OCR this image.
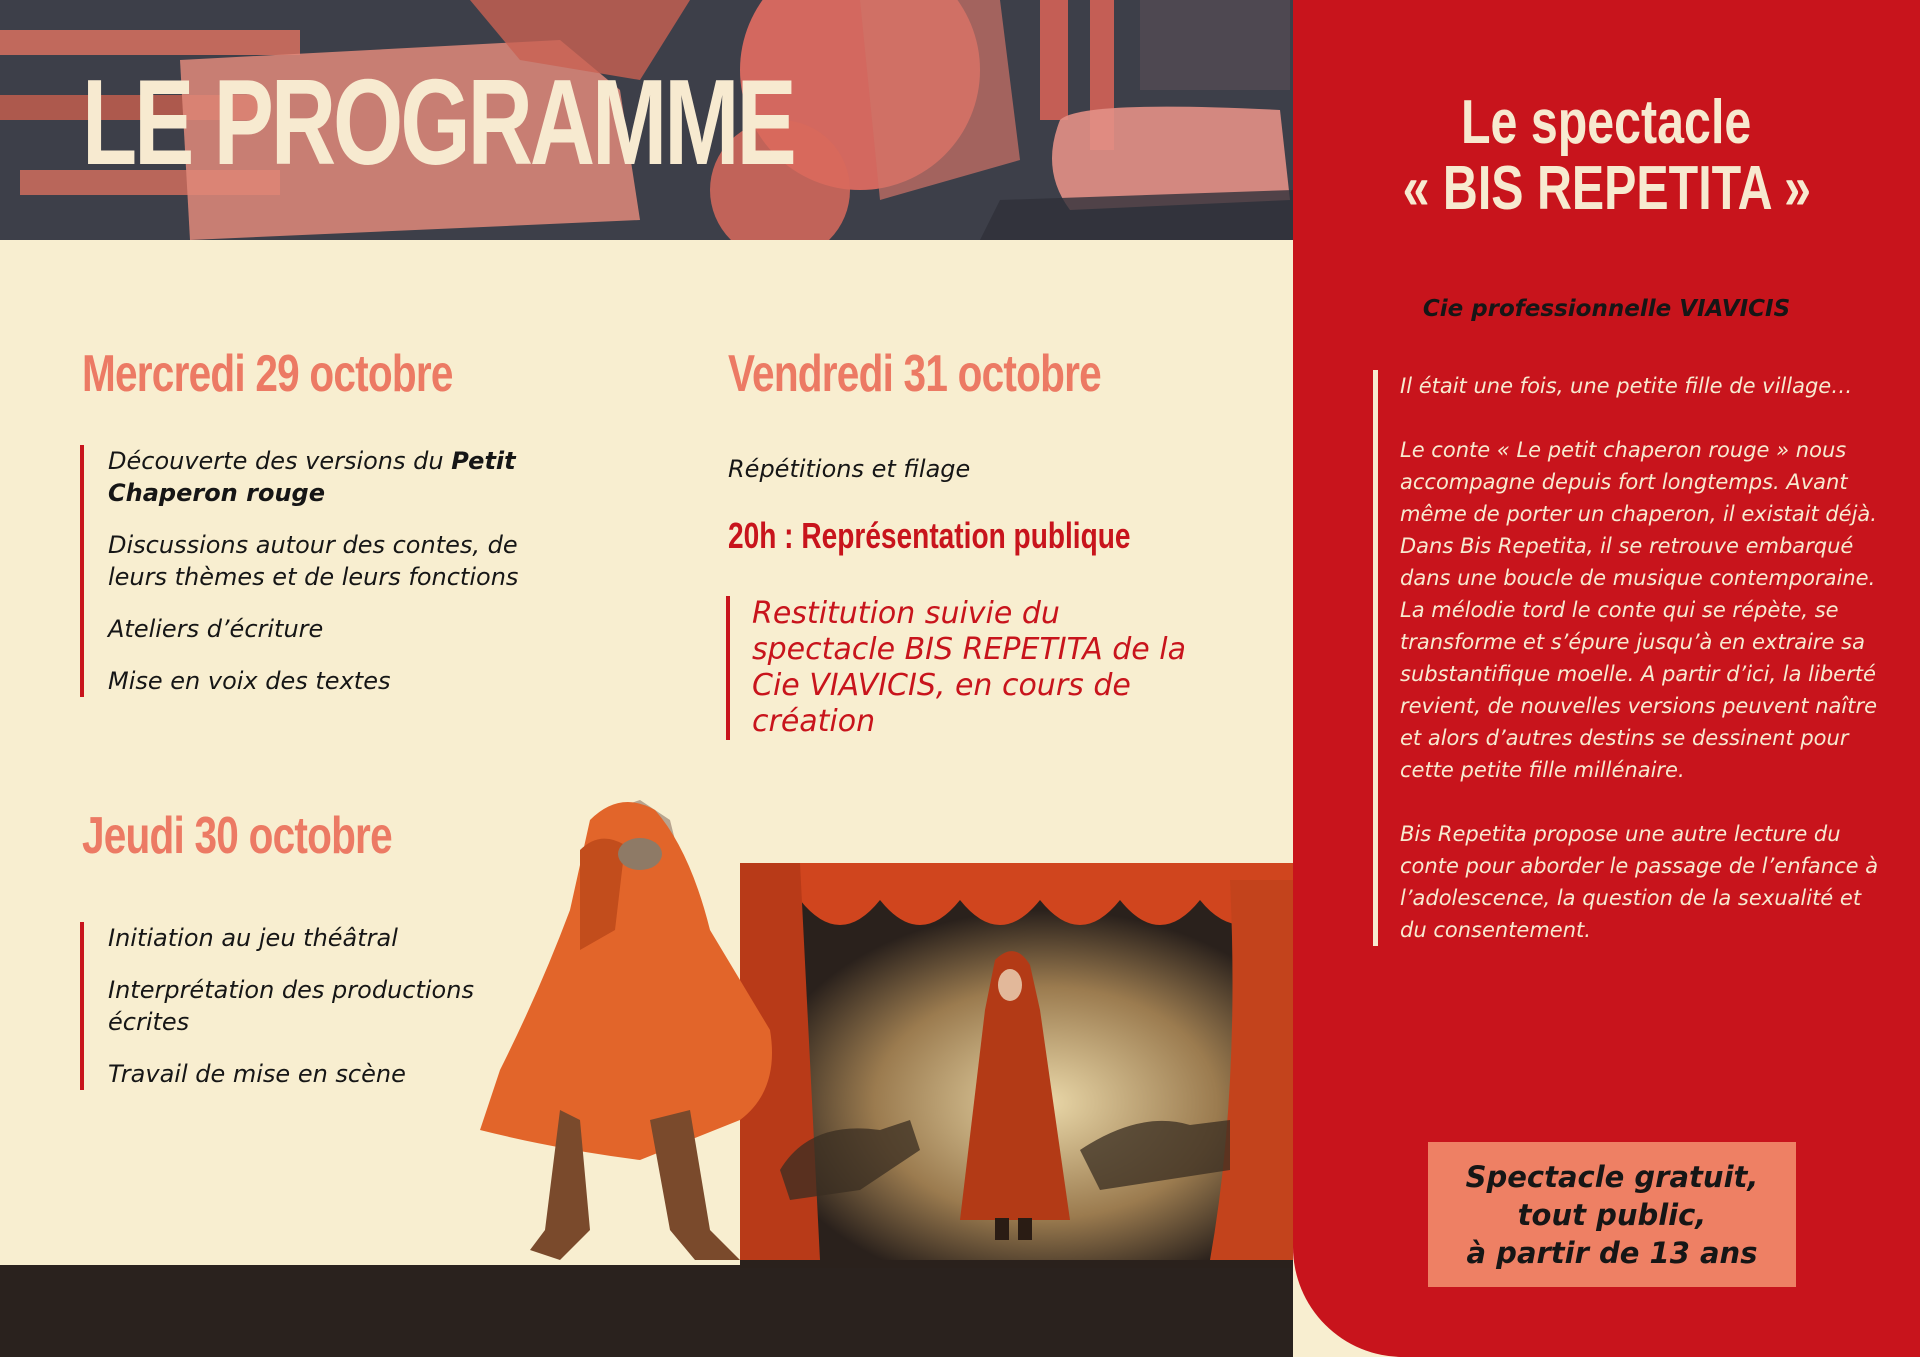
LE PROGRAMME
Mercredi 29 octobre
Découverte des versions du Petit Chaperon rouge
Discussions autour des contes, de leurs thèmes et de leurs fonctions
Ateliers d’écriture
Mise en voix des textes
Jeudi 30 octobre
Initiation au jeu théâtral
Interprétation des productions écrites
Travail de mise en scène
Vendredi 31 octobre
Répétitions et filage
20h : Représentation publique
Restitution suivie du spectacle BIS REPETITA de la Cie VIAVICIS, en cours de création
Le spectacle
« BIS REPETITA »
Cie professionnelle VIAVICIS

Il était une fois, une petite fille de village…

Le conte « Le petit chaperon rouge » nous accompagne depuis fort longtemps. Avant même de porter un chaperon, il existait déjà. Dans Bis Repetita, il se retrouve embarqué dans une boucle de musique contemporaine. La mélodie tord le conte qui se répète, se transforme et s’épure jusqu’à en extraire sa substantifique moelle. A partir d’ici, la liberté revient, de nouvelles versions peuvent naître et alors d’autres destins se dessinent pour cette petite fille millénaire.

Bis Repetita propose une autre lecture du conte pour aborder le passage de l’enfance à l’adolescence, la question de la sexualité et du consentement.

Spectacle gratuit,
tout public,
à partir de 13 ans
